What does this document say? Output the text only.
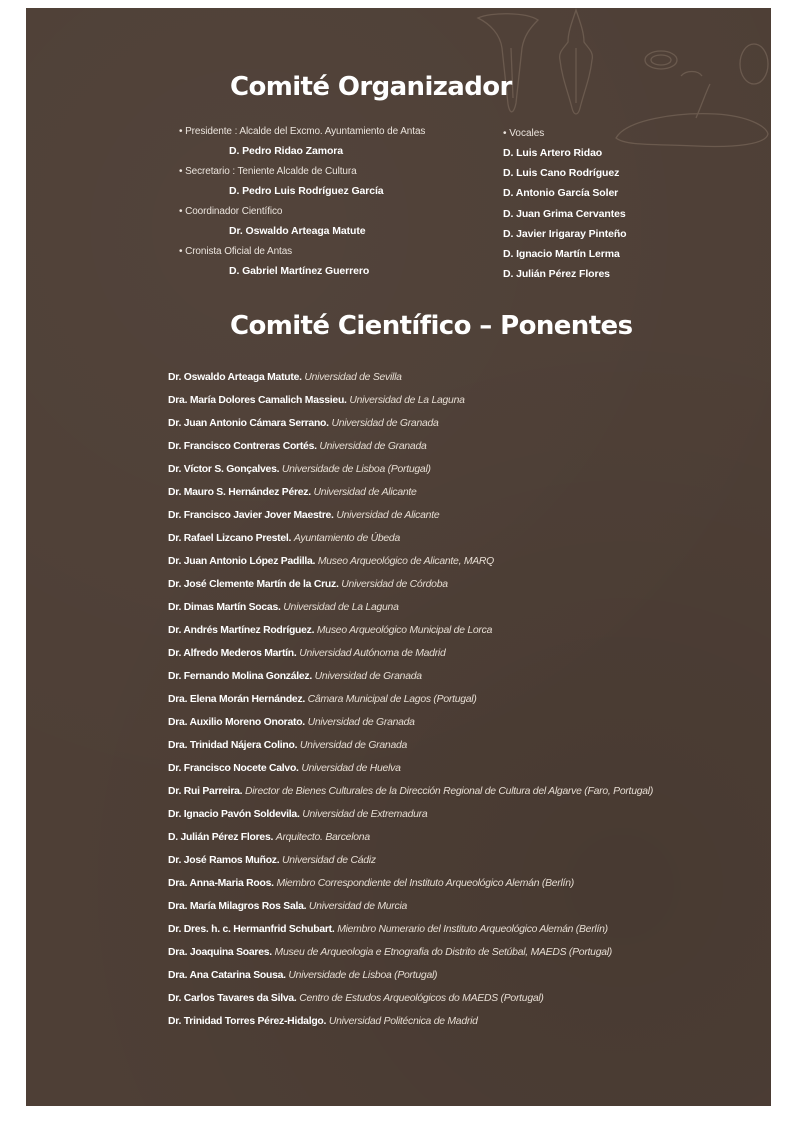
Comité Organizador
• Presidente : Alcalde del Excmo. Ayuntamiento de Antas
D. Pedro Ridao Zamora
• Secretario : Teniente Alcalde de Cultura
D. Pedro Luis Rodríguez García
• Coordinador Científico
Dr. Oswaldo Arteaga Matute
• Cronista Oficial de Antas
D. Gabriel Martínez Guerrero
• Vocales
D. Luis Artero Ridao
D. Luis Cano Rodríguez
D. Antonio García Soler
D. Juan Grima Cervantes
D. Javier Irigaray Pinteño
D. Ignacio Martín Lerma
D. Julián Pérez Flores
Comité Científico – Ponentes
Dr. Oswaldo Arteaga Matute. Universidad de Sevilla
Dra. María Dolores Camalich Massieu. Universidad de La Laguna
Dr. Juan Antonio Cámara Serrano. Universidad de Granada
Dr. Francisco Contreras Cortés. Universidad de Granada
Dr. Víctor S. Gonçalves. Universidade de Lisboa (Portugal)
Dr. Mauro S. Hernández Pérez. Universidad de Alicante
Dr. Francisco Javier Jover Maestre. Universidad de Alicante
Dr. Rafael Lizcano Prestel. Ayuntamiento de Úbeda
Dr. Juan Antonio López Padilla. Museo Arqueológico de Alicante, MARQ
Dr. José Clemente Martín de la Cruz. Universidad de Córdoba
Dr. Dimas Martín Socas. Universidad de La Laguna
Dr. Andrés Martínez Rodríguez. Museo Arqueológico Municipal de Lorca
Dr. Alfredo Mederos Martín. Universidad Autónoma de Madrid
Dr. Fernando Molina González. Universidad de Granada
Dra. Elena Morán Hernández. Câmara Municipal de Lagos (Portugal)
Dra. Auxilio Moreno Onorato. Universidad de Granada
Dra. Trinidad Nájera Colino. Universidad de Granada
Dr. Francisco Nocete Calvo. Universidad de Huelva
Dr. Rui Parreira. Director de Bienes Culturales de la Dirección Regional de Cultura del Algarve (Faro, Portugal)
Dr. Ignacio Pavón Soldevila. Universidad de Extremadura
D. Julián Pérez Flores. Arquitecto. Barcelona
Dr. José Ramos Muñoz. Universidad de Cádiz
Dra. Anna-Maria Roos. Miembro Correspondiente del Instituto Arqueológico Alemán (Berlín)
Dra. María Milagros Ros Sala. Universidad de Murcia
Dr. Dres. h. c. Hermanfrid Schubart. Miembro Numerario del Instituto Arqueológico Alemán (Berlín)
Dra. Joaquina Soares. Museu de Arqueologia e Etnografia do Distrito de Setúbal, MAEDS (Portugal)
Dra. Ana Catarina Sousa. Universidade de Lisboa (Portugal)
Dr. Carlos Tavares da Silva. Centro de Estudos Arqueológicos do MAEDS (Portugal)
Dr. Trinidad Torres Pérez-Hidalgo. Universidad Politécnica de Madrid
